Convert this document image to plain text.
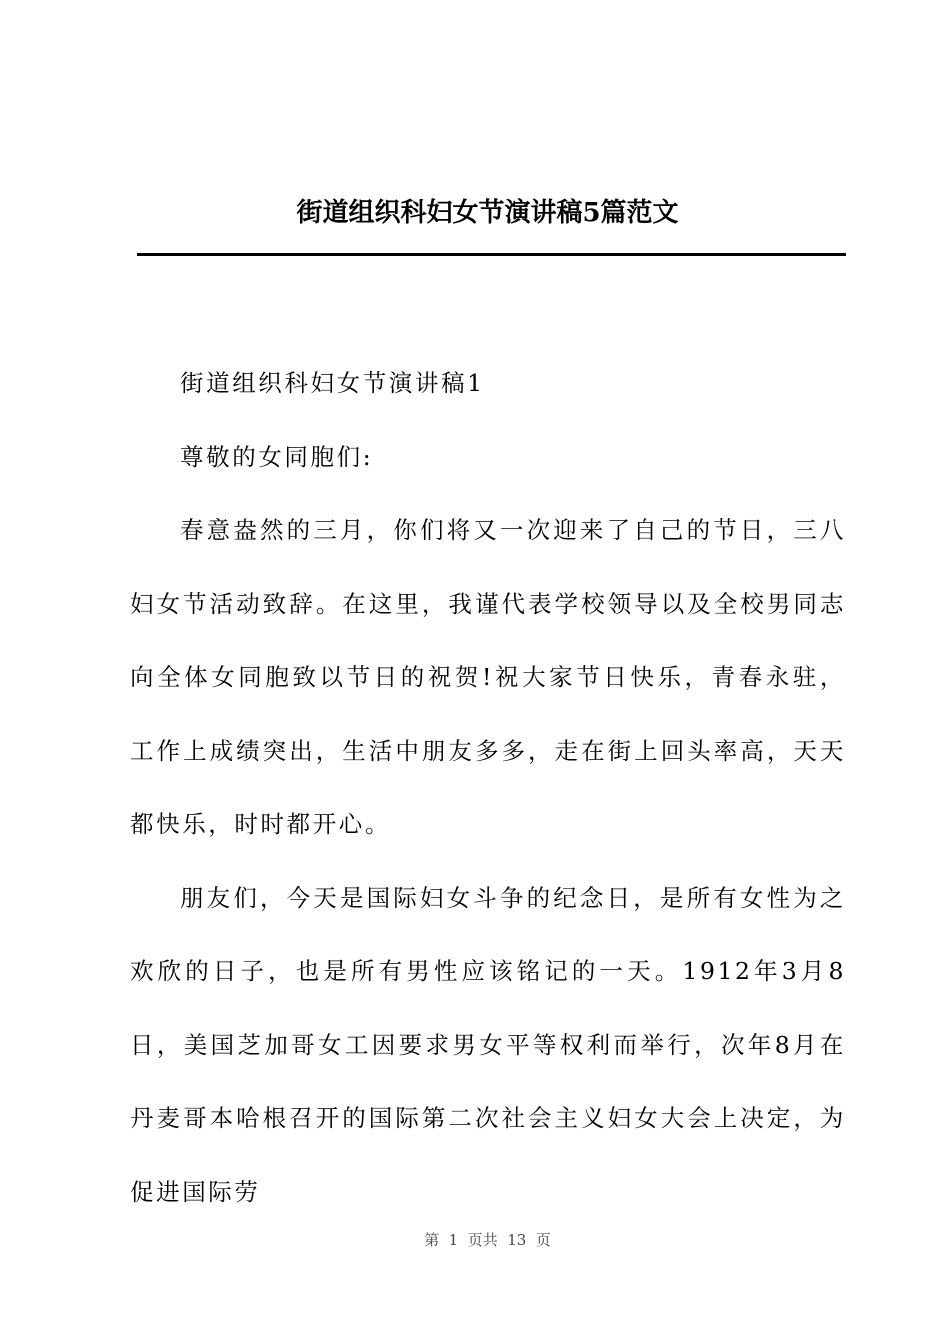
街道组织科妇女节演讲稿5篇范文

街道组织科妇女节演讲稿1

尊敬的女同胞们:

春意盎然的三月，你们将又一次迎来了自己的节日，三八妇女节活动致辞。在这里，我谨代表学校领导以及全校男同志向全体女同胞致以节日的祝贺!祝大家节日快乐，青春永驻，工作上成绩突出，生活中朋友多多，走在街上回头率高，天天都快乐，时时都开心。

朋友们，今天是国际妇女斗争的纪念日，是所有女性为之欢欣的日子，也是所有男性应该铭记的一天。1912年3月8日，美国芝加哥女工因要求男女平等权利而举行，次年8月在丹麦哥本哈根召开的国际第二次社会主义妇女大会上决定，为促进国际劳

第  1  页共  13  页
